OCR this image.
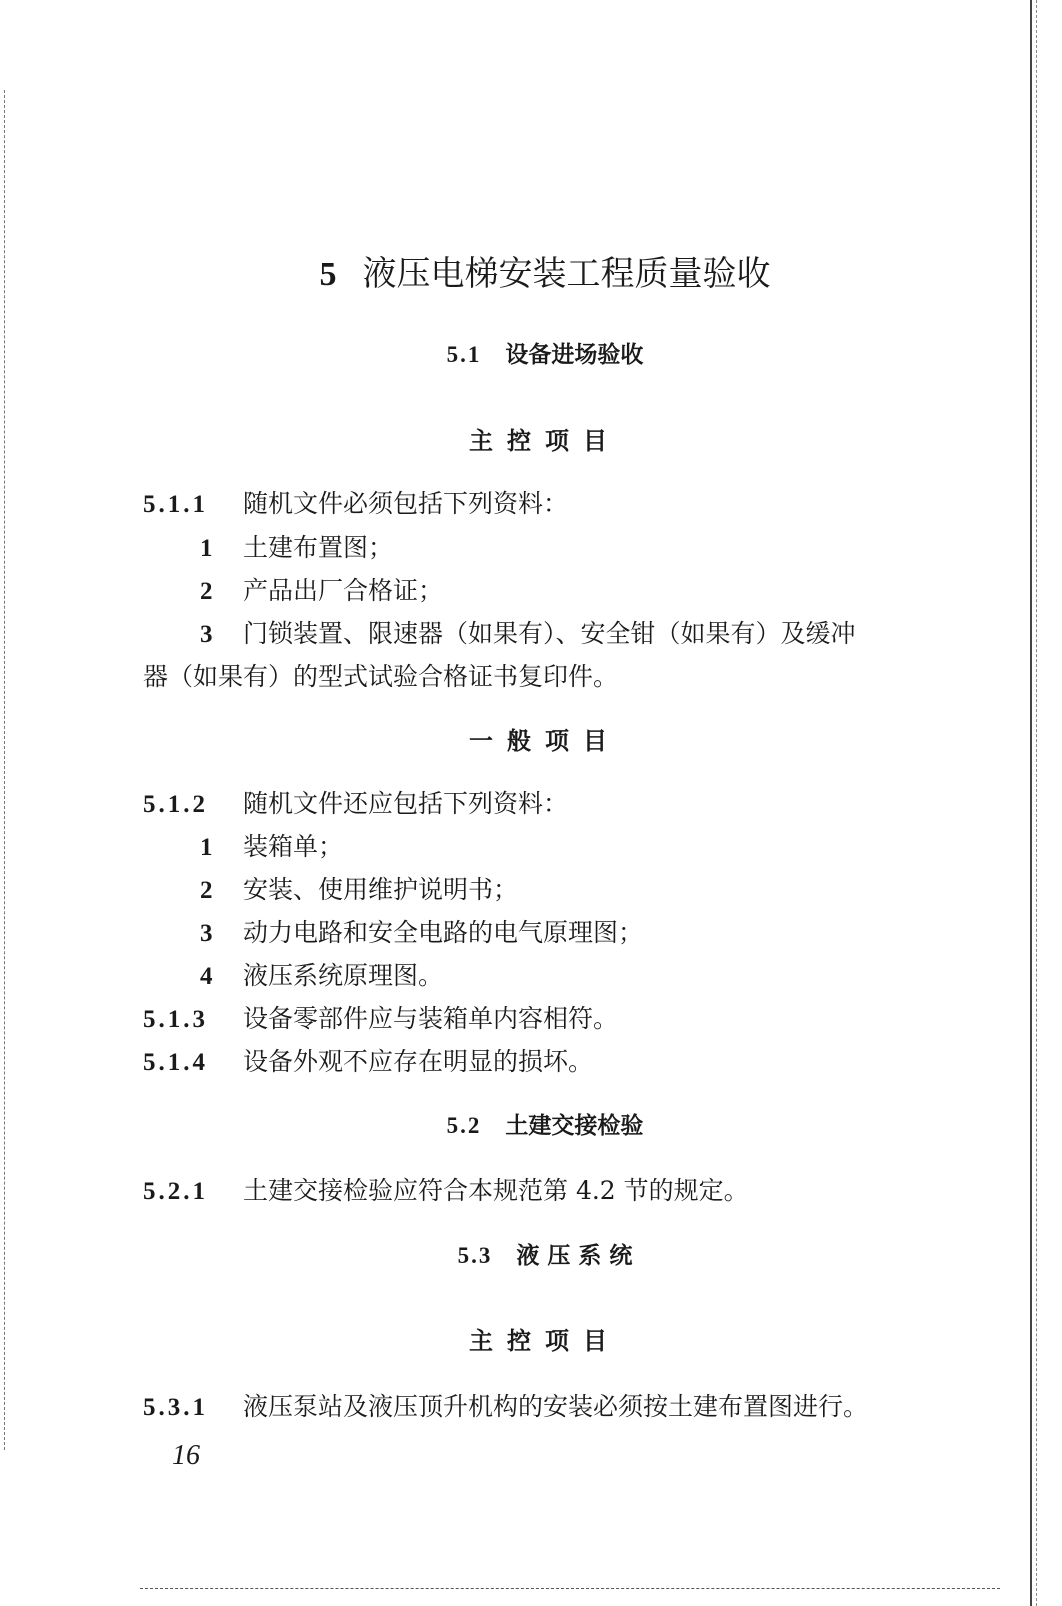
5 液压电梯安装工程质量验收
5.1 设备进场验收
主控项目
5.1.1 随机文件必须包括下列资料：
1 土建布置图；
2 产品出厂合格证；
3 门锁装置、限速器（如果有）、安全钳（如果有）及缓冲
器（如果有）的型式试验合格证书复印件。
一般项目
5.1.2 随机文件还应包括下列资料：
1 装箱单；
2 安装、使用维护说明书；
3 动力电路和安全电路的电气原理图；
4 液压系统原理图。
5.1.3 设备零部件应与装箱单内容相符。
5.1.4 设备外观不应存在明显的损坏。
5.2 土建交接检验
5.2.1 土建交接检验应符合本规范第 4.2 节的规定。
5.3 液 压 系 统
主控项目
5.3.1 液压泵站及液压顶升机构的安装必须按土建布置图进行。
16
